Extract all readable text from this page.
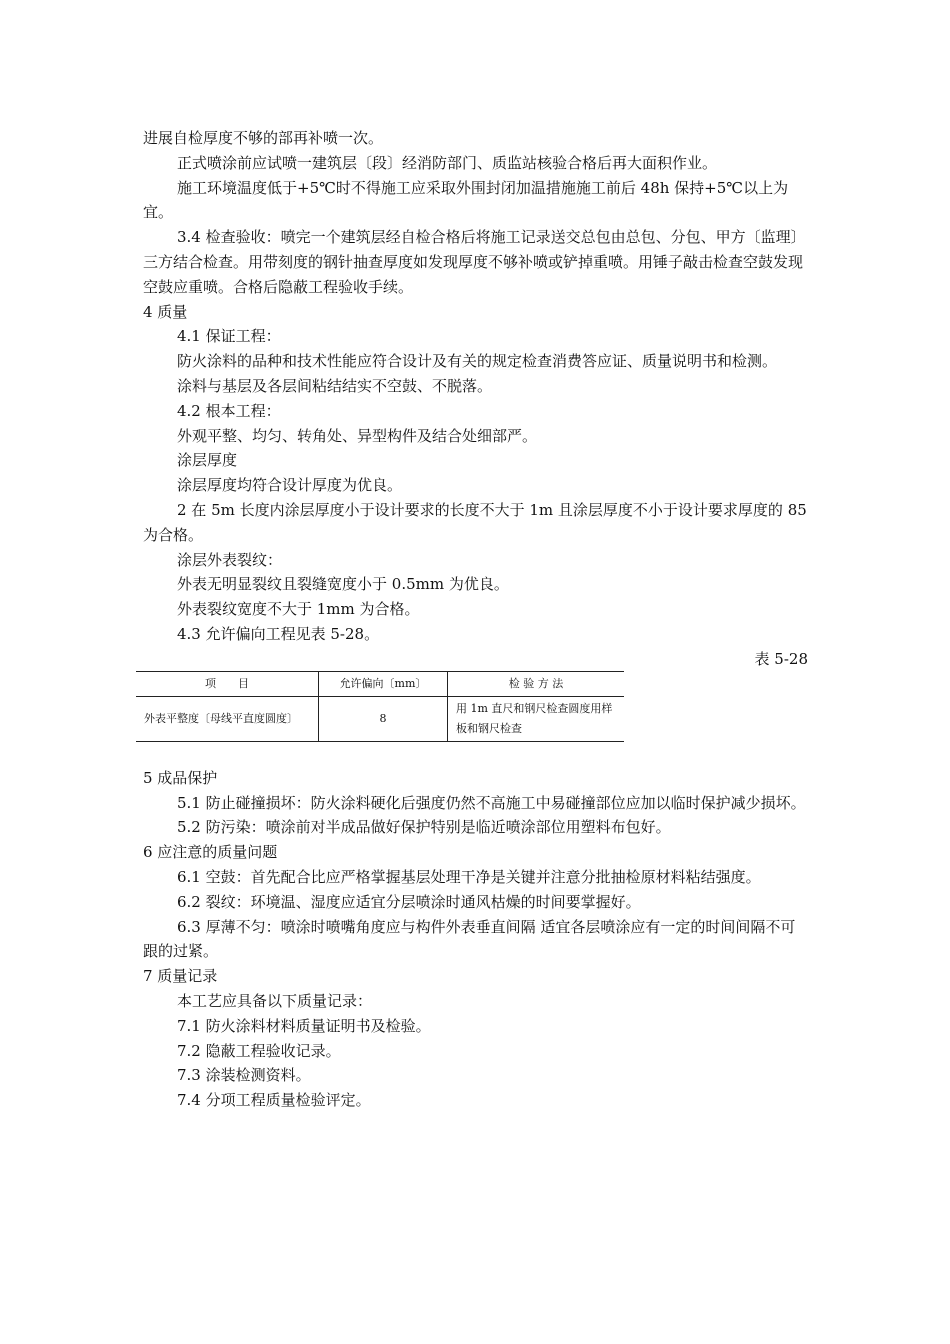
进展自检厚度不够的部再补喷一次。

正式喷涂前应试喷一建筑层〔段〕经消防部门、质监站核验合格后再大面积作业。

施工环境温度低于+5℃时不得施工应采取外围封闭加温措施施工前后 48h 保持+5℃以上为宜。

3.4 检查验收：喷完一个建筑层经自检合格后将施工记录送交总包由总包、分包、甲方〔监理〕三方结合检查。用带刻度的钢针抽查厚度如发现厚度不够补喷或铲掉重喷。用锤子敲击检查空鼓发现空鼓应重喷。合格后隐蔽工程验收手续。

4 质量

4.1 保证工程：

防火涂料的品种和技术性能应符合设计及有关的规定检查消费答应证、质量说明书和检测。

涂料与基层及各层间粘结结实不空鼓、不脱落。

4.2 根本工程：

外观平整、均匀、转角处、异型构件及结合处细部严。

涂层厚度

涂层厚度均符合设计厚度为优良。

2 在 5m 长度内涂层厚度小于设计要求的长度不大于 1m 且涂层厚度不小于设计要求厚度的 85 为合格。

涂层外表裂纹：

外表无明显裂纹且裂缝宽度小于 0.5mm 为优良。

外表裂纹宽度不大于 1mm 为合格。

4.3 允许偏向工程见表 5-28。

表 5-28

项　　目	允许偏向〔mm〕	检 验 方 法
外表平整度〔母线平直度圆度〕	8	用 1m 直尺和钢尺检查圆度用样板和钢尺检查

5 成品保护

5.1 防止碰撞损坏：防火涂料硬化后强度仍然不高施工中易碰撞部位应加以临时保护减少损坏。

5.2 防污染：喷涂前对半成品做好保护特别是临近喷涂部位用塑料布包好。

6 应注意的质量问题

6.1 空鼓：首先配合比应严格掌握基层处理干净是关键并注意分批抽检原材料粘结强度。

6.2 裂纹：环境温、湿度应适宜分层喷涂时通风枯燥的时间要掌握好。

6.3 厚薄不匀：喷涂时喷嘴角度应与构件外表垂直间隔 适宜各层喷涂应有一定的时间间隔不可跟的过紧。

7 质量记录

本工艺应具备以下质量记录：

7.1 防火涂料材料质量证明书及检验。

7.2 隐蔽工程验收记录。

7.3 涂装检测资料。

7.4 分项工程质量检验评定。
